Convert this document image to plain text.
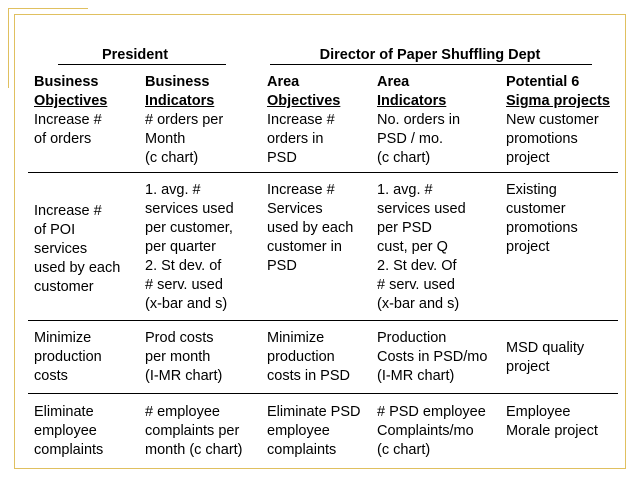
President	Director of Paper Shuffling Dept
Business
Objectives
Business
Indicators
Area
Objectives
Area
Indicators
Potential 6
Sigma projects
Increase #
of orders
# orders per
Month
(c chart)
Increase #
orders in
PSD
No. orders in
PSD / mo.
(c chart)
New customer
promotions
project
Increase #
of POI
services
used by each
customer
1. avg. #
services used
per customer,
per quarter
2. St dev. of
# serv. used
(x-bar and s)
Increase #
Services
used by each
customer in
PSD
1. avg. #
services used
per PSD
cust, per Q
2. St dev. Of
# serv. used
(x-bar and s)
Existing
customer
promotions
project
Minimize
production
costs
Prod costs
per month
(I-MR chart)
Minimize
production
costs in PSD
Production
Costs in PSD/mo
(I-MR chart)
MSD quality
project
Eliminate
employee
complaints
# employee
complaints per
month (c chart)
Eliminate PSD
employee
complaints
# PSD employee
Complaints/mo
(c chart)
Employee
Morale project
